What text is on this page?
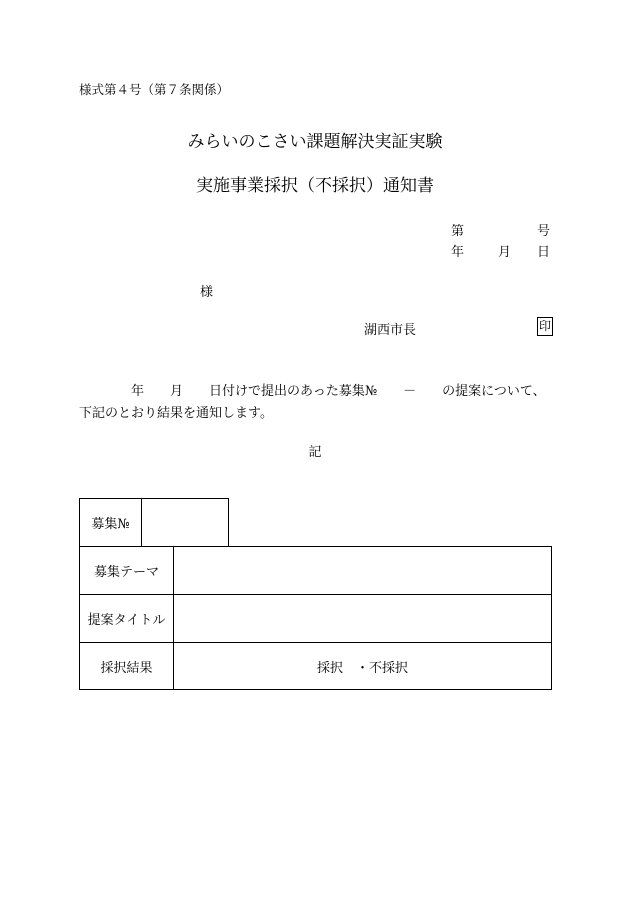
様式第４号（第７条関係）
みらいのこさい課題解決実証実験
実施事業採択（不採択）通知書
第	号
年	月 日
様
湖西市長	印
　　　　年　　月　　日付けで提出のあった募集№　　－　　の提案について、下記のとおり結果を通知します。
記
募集№
募集テーマ
提案タイトル
採択結果	採択　・不採択
